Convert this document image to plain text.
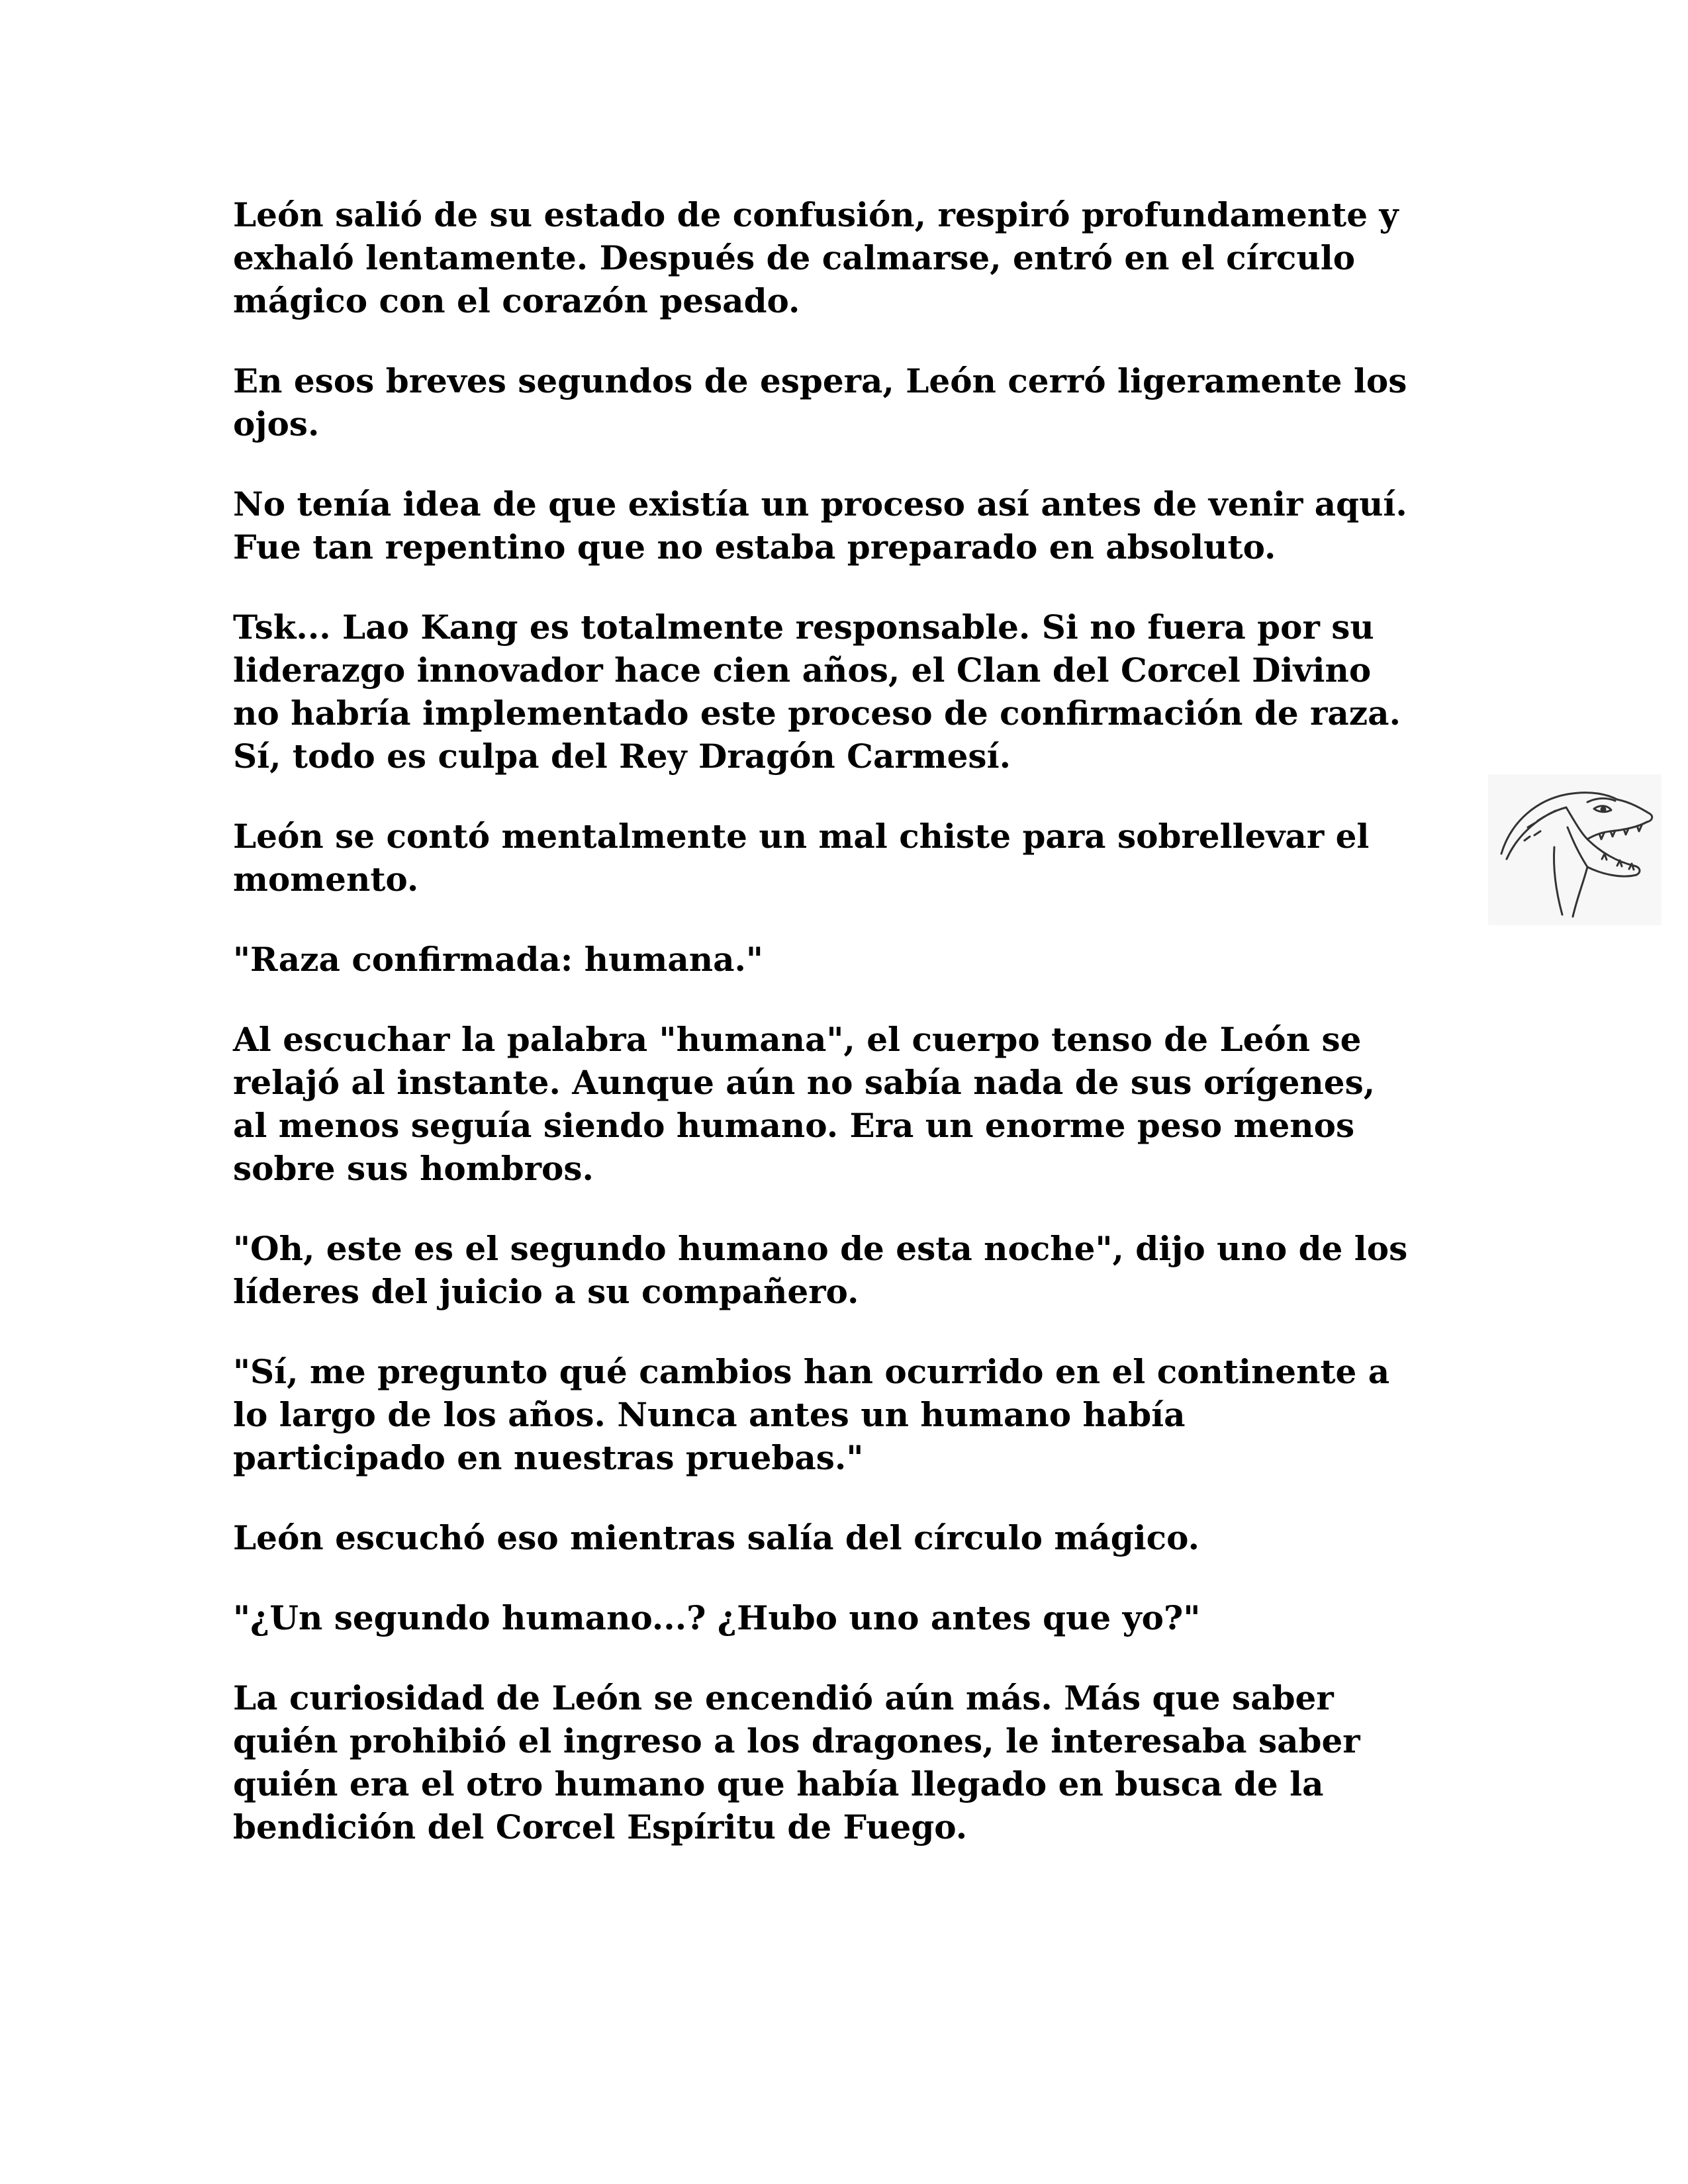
León salió de su estado de confusión, respiró profundamente y
exhaló lentamente. Después de calmarse, entró en el círculo
mágico con el corazón pesado.

En esos breves segundos de espera, León cerró ligeramente los
ojos.

No tenía idea de que existía un proceso así antes de venir aquí.
Fue tan repentino que no estaba preparado en absoluto.

Tsk... Lao Kang es totalmente responsable. Si no fuera por su
liderazgo innovador hace cien años, el Clan del Corcel Divino
no habría implementado este proceso de confirmación de raza.
Sí, todo es culpa del Rey Dragón Carmesí.

León se contó mentalmente un mal chiste para sobrellevar el
momento.

"Raza confirmada: humana."

Al escuchar la palabra "humana", el cuerpo tenso de León se
relajó al instante. Aunque aún no sabía nada de sus orígenes,
al menos seguía siendo humano. Era un enorme peso menos
sobre sus hombros.

"Oh, este es el segundo humano de esta noche", dijo uno de los
líderes del juicio a su compañero.

"Sí, me pregunto qué cambios han ocurrido en el continente a
lo largo de los años. Nunca antes un humano había
participado en nuestras pruebas."

León escuchó eso mientras salía del círculo mágico.

"¿Un segundo humano...? ¿Hubo uno antes que yo?"

La curiosidad de León se encendió aún más. Más que saber
quién prohibió el ingreso a los dragones, le interesaba saber
quién era el otro humano que había llegado en busca de la
bendición del Corcel Espíritu de Fuego.
